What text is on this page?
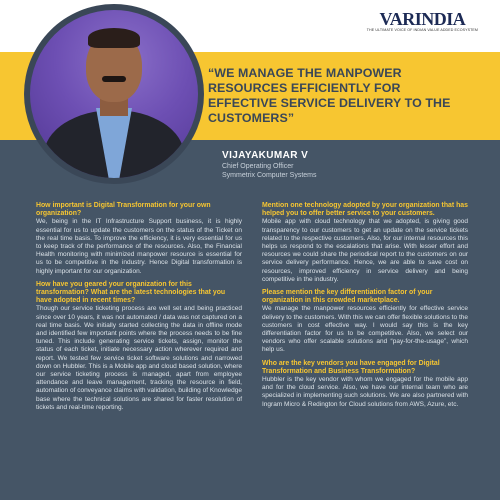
VARINDIA
THE ULTIMATE VOICE OF INDIAN VALUE ADDED ECOSYSTEM
“WE MANAGE THE MANPOWER RESOURCES EFFICIENTLY FOR EFFECTIVE SERVICE DELIVERY TO THE CUSTOMERS”
VIJAYAKUMAR V
Chief Operating Officer
Symmetrix Computer Systems
How important is Digital Transformation for your own organization?
We, being in the IT Infrastructure Support business, it is highly essential for us to update the customers on the status of the Ticket on the real time basis. To improve the efficiency, it is very essential for us to keep track of the performance of the resources. Also, the Financial Health monitoring with minimized manpower resource is essential for us to be competitive in the industry. Hence Digital transformation is highly important for our organization.
How have you geared your organization for this transformation? What are the latest technologies that you have adopted in recent times?
Though our service ticketing process are well set and being practiced since over 10 years, it was not automated / data was not captured on a real time basis. We initially started collecting the data in offline mode and identified few important points where the process needs to be fine tuned. This include generating service tickets, assign, monitor the status of each ticket, initiate necessary action wherever required and report. We tested few service ticket software solutions and narrowed down on Hubbler. This is a Mobile app and cloud based solution, where our service ticketing process is managed, apart from employee attendance and leave management, tracking the resource in field, automation of conveyance claims with validation, building of Knowledge base where the technical solutions are shared for faster resolution of tickets and real-time reporting.
Mention one technology adopted by your organization that has helped you to offer better service to your customers.
Mobile app with cloud technology that we adopted, is giving good transparency to our customers to get an update on the service tickets related to the respective customers. Also, for our internal resources this helps us respond to the escalations that arise. With lesser effort and resources we could share the periodical report to the customers on our service delivery performance. Hence, we are able to save cost on resources, improved efficiency in service delivery and being competitive in the industry.
Please mention the key differentiation factor of your organization in this crowded marketplace.
We manage the manpower resources efficiently for effective service delivery to the customers. With this we can offer flexible solutions to the customers in cost effective way. I would say this is the key differentiation factor for us to be competitive. Also, we select our vendors who offer scalable solutions and “pay-for-the-usage”, which help us.
Who are the key vendors you have engaged for Digital Transformation and Business Transformation?
Hubbler is the key vendor with whom we engaged for the mobile app and for the cloud service. Also, we have our internal team who are specialized in implementing such solutions. We are also partnered with Ingram Micro & Redington for Cloud solutions from AWS, Azure, etc.
